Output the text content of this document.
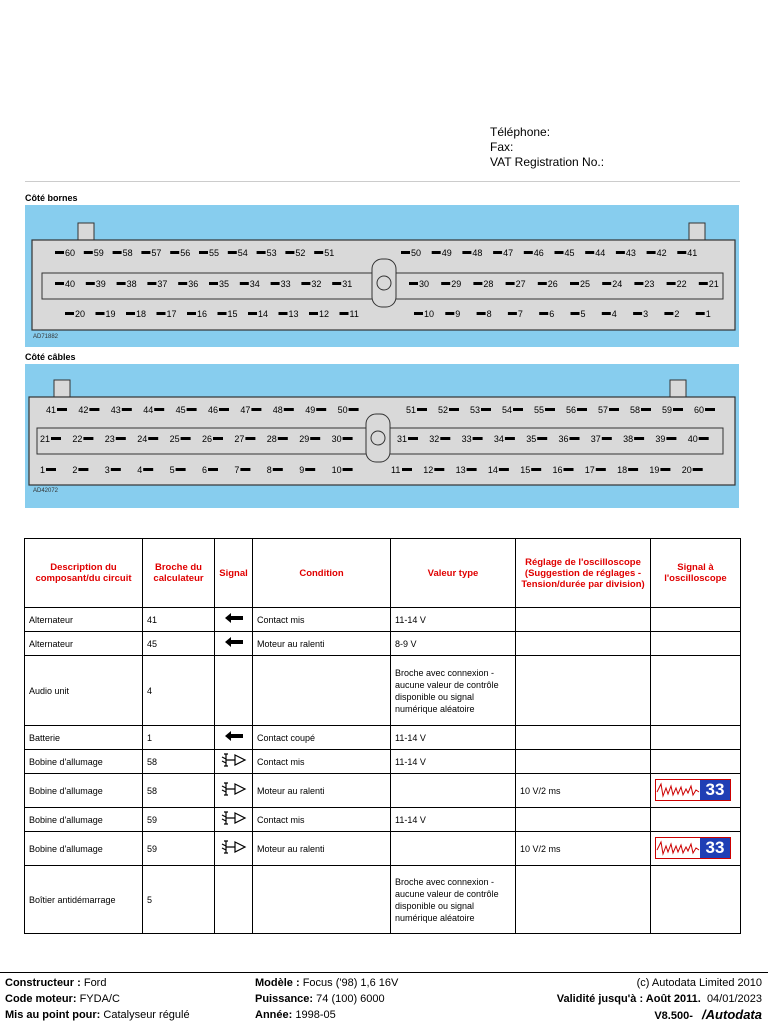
Téléphone:
Fax:
VAT Registration No.:
Côté bornes
60 59 58 57 56 55 54 53 52 51	50 49 48 47 46 45 44 43 42 41
40 39 38 37 36 35 34 33 32 31	30 29 28 27 26 25 24 23 22 21
20 19 18 17 16 15 14 13 12 11	10 9	8	7	6	5	4	3	2	1
AD71882
Côté câbles
41 42 43 44 45 46 47 48 49 50	51 52 53 54 55 56 57 58 59 60
21 22 23 24 25 26 27 28 29 30	31 32 33 34 35 36 37 38 39 40
1	2	3	4	5	6	7	8	9	10	11	12 13 14 15 16 17 18 19 20
AD42072
Description du composant/du circuit	Broche du calculateur	Signal	Condition	Valeur type	Réglage de l'oscilloscope (Suggestion de réglages - Tension/durée par division)	Signal à l'oscilloscope
Alternateur	41		Contact mis	11-14 V		
Alternateur	45		Moteur au ralenti	8-9 V		
Audio unit	4			Broche avec connexion - aucune valeur de contrôle disponible ou signal numérique aléatoire		
Batterie	1		Contact coupé	11-14 V		
Bobine d'allumage	58		Contact mis	11-14 V		
Bobine d'allumage	58		Moteur au ralenti		10 V/2 ms	33

Bobine d'allumage	59		Contact mis	11-14 V		
Bobine d'allumage	59		Moteur au ralenti		10 V/2 ms	33

Boîtier antidémarrage	5			Broche avec connexion - aucune valeur de contrôle disponible ou signal numérique aléatoire		
Constructeur : Ford
Code moteur: FYDA/C
Mis au point pour: Catalyseur régulé
Modèle : Focus ('98) 1,6 16V
Puissance: 74 (100) 6000
Année: 1998-05
(c) Autodata Limited 2010
Validité jusqu'à : Août 2011. 04/01/2023
V8.500- /Autodata
